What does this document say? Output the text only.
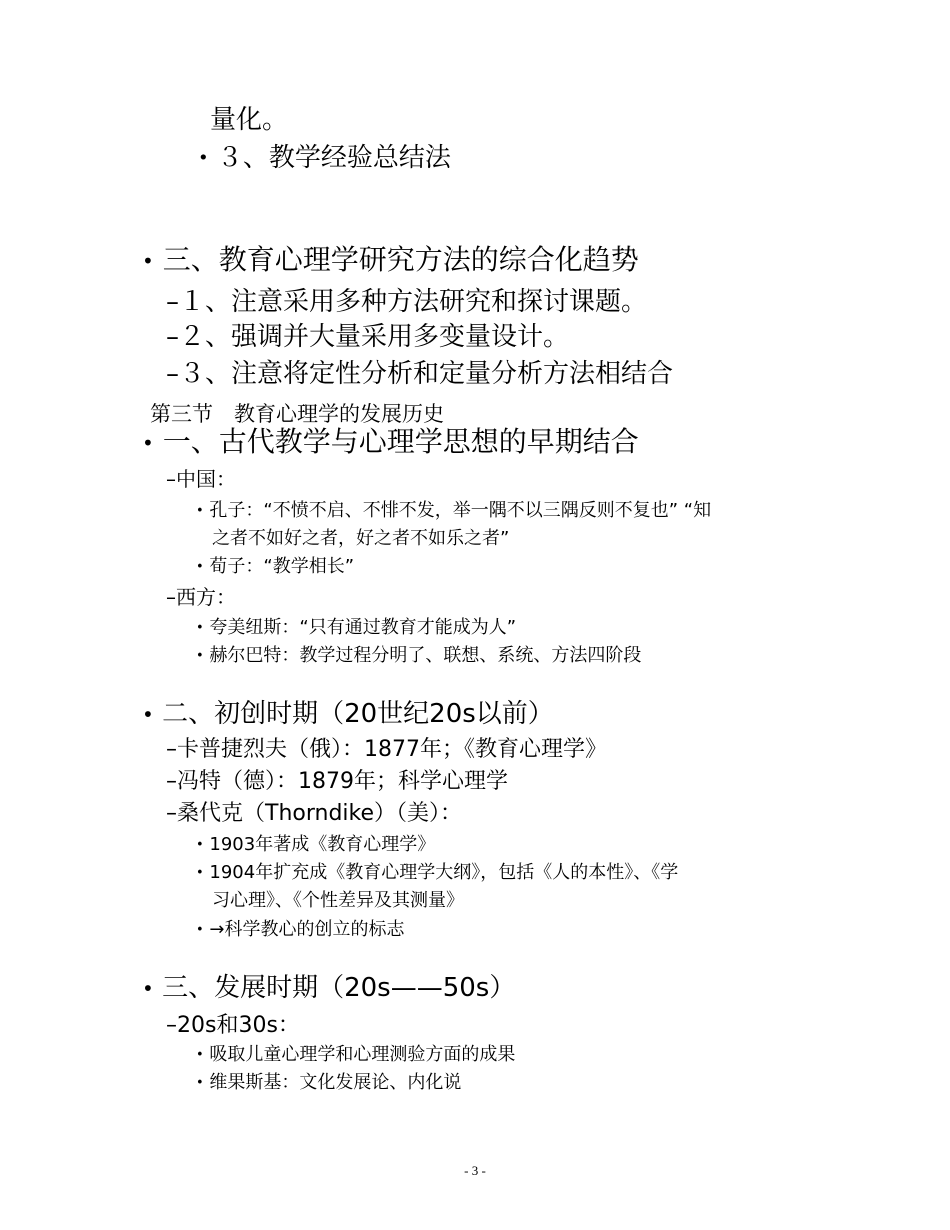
量化。
• ３、教学经验总结法
• 三、教育心理学研究方法的综合化趋势
–１、注意采用多种方法研究和探讨课题。
–２、强调并大量采用多变量设计。
–３、注意将定性分析和定量分析方法相结合
第三节　教育心理学的发展历史
• 一、古代教学与心理学思想的早期结合
–中国：
• 孔子：“不愤不启、不悱不发，举一隅不以三隅反则不复也” “知
之者不如好之者，好之者不如乐之者”
• 荀子：“教学相长”
–西方：
• 夸美纽斯：“只有通过教育才能成为人”
• 赫尔巴特：教学过程分明了、联想、系统、方法四阶段
• 二、初创时期（20世纪20s以前）
–卡普捷烈夫（俄）：1877年；《教育心理学》
–冯特（德）：1879年；科学心理学
–桑代克（Thorndike）（美）：
• 1903年著成《教育心理学》
• 1904年扩充成《教育心理学大纲》，包括《人的本性》、《学
习心理》、《个性差异及其测量》
• →科学教心的创立的标志
• 三、发展时期（20s——50s）
–20s和30s：
• 吸取儿童心理学和心理测验方面的成果
• 维果斯基：文化发展论、内化说
- 3 -
